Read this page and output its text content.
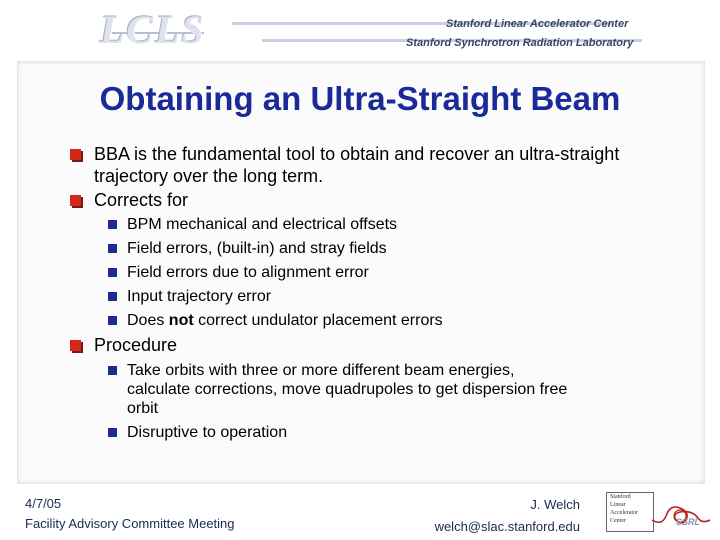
LCLS	Stanford Linear Accelerator Center
Stanford Synchrotron Radiation Laboratory
Obtaining an Ultra-Straight Beam
BBA is the fundamental tool to obtain and recover an ultra-straight trajectory over the long term.
Corrects for
BPM mechanical and electrical offsets
Field errors, (built-in) and stray fields
Field errors due to alignment error
Input trajectory error
Does not correct undulator placement errors
Procedure
Take orbits with three or more different beam energies, calculate corrections, move quadrupoles to get dispersion free orbit
Disruptive to operation
4/7/05
Facility Advisory Committee Meeting
J. Welch
welch@slac.stanford.edu
Stanford
Linear
Accelerator
Center	SSRL
